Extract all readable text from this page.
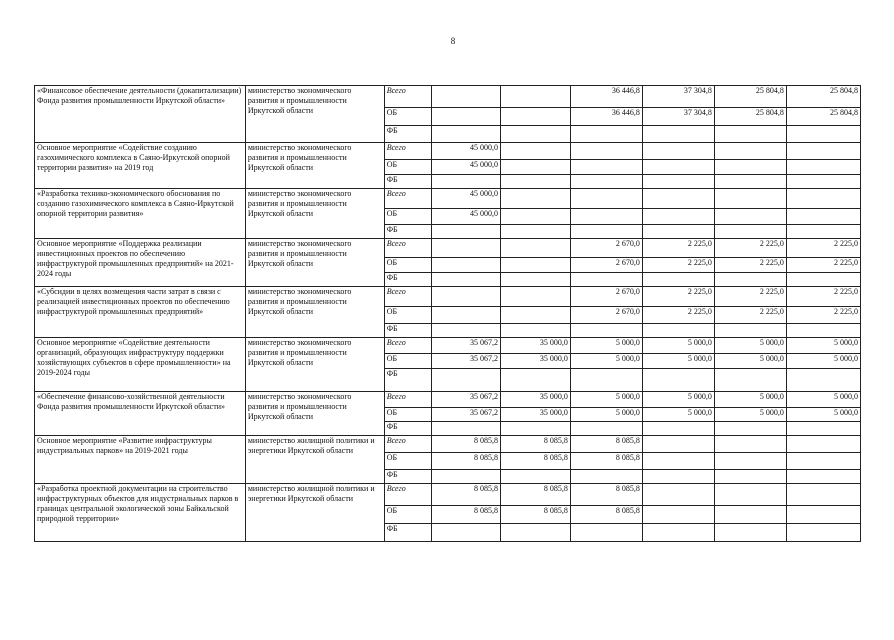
8
«Финансовое обеспечение деятельности (докапитализации) Фонда развития промышленности Иркутской области»	министерство экономического развития и промышленности Иркутской области	Всего			36 446,8	37 304,8	25 804,8	25 804,8
		ОБ			36 446,8	37 304,8	25 804,8	25 804,8
		ФБ						
Основное мероприятие «Содействие созданию газохимического комплекса в Саяно-Иркутской опорной территории развития» на 2019 год	министерство экономического развития и промышленности Иркутской области	Всего	45 000,0					
		ОБ	45 000,0					
		ФБ						
«Разработка технико-экономического обоснования по созданию газохимического комплекса в Саяно-Иркутской опорной территории развития»	министерство экономического развития и промышленности Иркутской области	Всего	45 000,0					
		ОБ	45 000,0					
		ФБ						
Основное мероприятие «Поддержка реализации инвестиционных проектов по обеспечению инфраструктурой промышленных предприятий» на 2021-2024 годы	министерство экономического развития и промышленности Иркутской области	Всего			2 670,0	2 225,0	2 225,0	2 225,0
		ОБ			2 670,0	2 225,0	2 225,0	2 225,0
		ФБ						
«Субсидии в целях возмещения части затрат в связи с реализацией инвестиционных проектов по обеспечению инфраструктурой промышленных предприятий»	министерство экономического развития и промышленности Иркутской области	Всего			2 670,0	2 225,0	2 225,0	2 225,0
		ОБ			2 670,0	2 225,0	2 225,0	2 225,0
		ФБ						
Основное мероприятие «Содействие деятельности организаций, образующих инфраструктуру поддержки хозяйствующих субъектов в сфере промышленности» на 2019-2024 годы	министерство экономического развития и промышленности Иркутской области	Всего	35 067,2	35 000,0	5 000,0	5 000,0	5 000,0	5 000,0
		ОБ	35 067,2	35 000,0	5 000,0	5 000,0	5 000,0	5 000,0
		ФБ						
«Обеспечение финансово-хозяйственной деятельности Фонда развития промышленности Иркутской области»	министерство экономического развития и промышленности Иркутской области	Всего	35 067,2	35 000,0	5 000,0	5 000,0	5 000,0	5 000,0
		ОБ	35 067,2	35 000,0	5 000,0	5 000,0	5 000,0	5 000,0
		ФБ						
Основное мероприятие «Развитие инфраструктуры индустриальных парков» на 2019-2021 годы	министерство жилищной политики и энергетики Иркутской области	Всего	8 085,8	8 085,8	8 085,8			
		ОБ	8 085,8	8 085,8	8 085,8			
		ФБ						
«Разработка проектной документации на строительство инфраструктурных объектов для индустриальных парков в границах центральной экологической зоны Байкальской природной территории»	министерство жилищной политики и энергетики Иркутской области	Всего	8 085,8	8 085,8	8 085,8			
		ОБ	8 085,8	8 085,8	8 085,8			
		ФБ						
